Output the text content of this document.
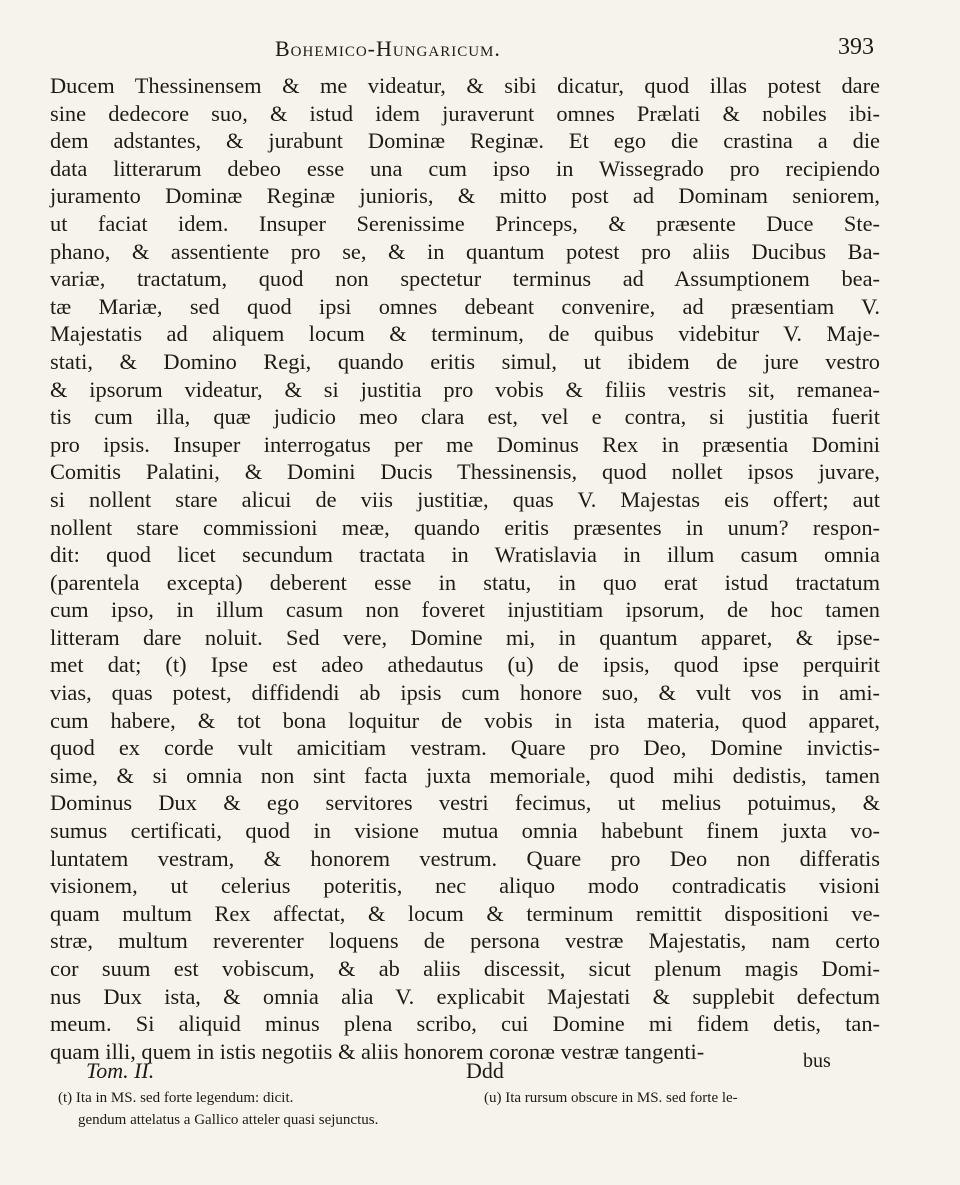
Bohemico-Hungaricum.	393
Ducem Thessinensem & me videatur, & sibi dicatur, quod illas potest dare
sine dedecore suo, & istud idem juraverunt omnes Prælati & nobiles ibi-
dem adstantes, & jurabunt Dominæ Reginæ. Et ego die crastina a die
data litterarum debeo esse una cum ipso in Wissegrado pro recipiendo
juramento Dominæ Reginæ junioris, & mitto post ad Dominam seniorem,
ut faciat idem. Insuper Serenissime Princeps, & præsente Duce Ste-
phano, & assentiente pro se, & in quantum potest pro aliis Ducibus Ba-
variæ, tractatum, quod non spectetur terminus ad Assumptionem bea-
tæ Mariæ, sed quod ipsi omnes debeant convenire, ad præsentiam V.
Majestatis ad aliquem locum & terminum, de quibus videbitur V. Maje-
stati, & Domino Regi, quando eritis simul, ut ibidem de jure vestro
& ipsorum videatur, & si justitia pro vobis & filiis vestris sit, remanea-
tis cum illa, quæ judicio meo clara est, vel e contra, si justitia fuerit
pro ipsis. Insuper interrogatus per me Dominus Rex in præsentia Domini
Comitis Palatini, & Domini Ducis Thessinensis, quod nollet ipsos juvare,
si nollent stare alicui de viis justitiæ, quas V. Majestas eis offert; aut
nollent stare commissioni meæ, quando eritis præsentes in unum? respon-
dit: quod licet secundum tractata in Wratislavia in illum casum omnia
(parentela excepta) deberent esse in statu, in quo erat istud tractatum
cum ipso, in illum casum non foveret injustitiam ipsorum, de hoc tamen
litteram dare noluit. Sed vere, Domine mi, in quantum apparet, & ipse-
met dat; (t) Ipse est adeo athedautus (u) de ipsis, quod ipse perquirit
vias, quas potest, diffidendi ab ipsis cum honore suo, & vult vos in ami-
cum habere, & tot bona loquitur de vobis in ista materia, quod apparet,
quod ex corde vult amicitiam vestram. Quare pro Deo, Domine invictis-
sime, & si omnia non sint facta juxta memoriale, quod mihi dedistis, tamen
Dominus Dux & ego servitores vestri fecimus, ut melius potuimus, &
sumus certificati, quod in visione mutua omnia habebunt finem juxta vo-
luntatem vestram, & honorem vestrum. Quare pro Deo non differatis
visionem, ut celerius poteritis, nec aliquo modo contradicatis visioni
quam multum Rex affectat, & locum & terminum remittit dispositioni ve-
stræ, multum reverenter loquens de persona vestræ Majestatis, nam certo
cor suum est vobiscum, & ab aliis discessit, sicut plenum magis Domi-
nus Dux ista, & omnia alia V. explicabit Majestati & supplebit defectum
meum. Si aliquid minus plena scribo, cui Domine mi fidem detis, tan-
quam illi, quem in istis negotiis & aliis honorem coronæ vestræ tangenti-
Tom. II.	Ddd	bus
(t) Ita in MS. sed forte legendum: dicit.
gendum attelatus a Gallico atteler quasi sejunctus.
(u) Ita rursum obscure in MS. sed forte le-
